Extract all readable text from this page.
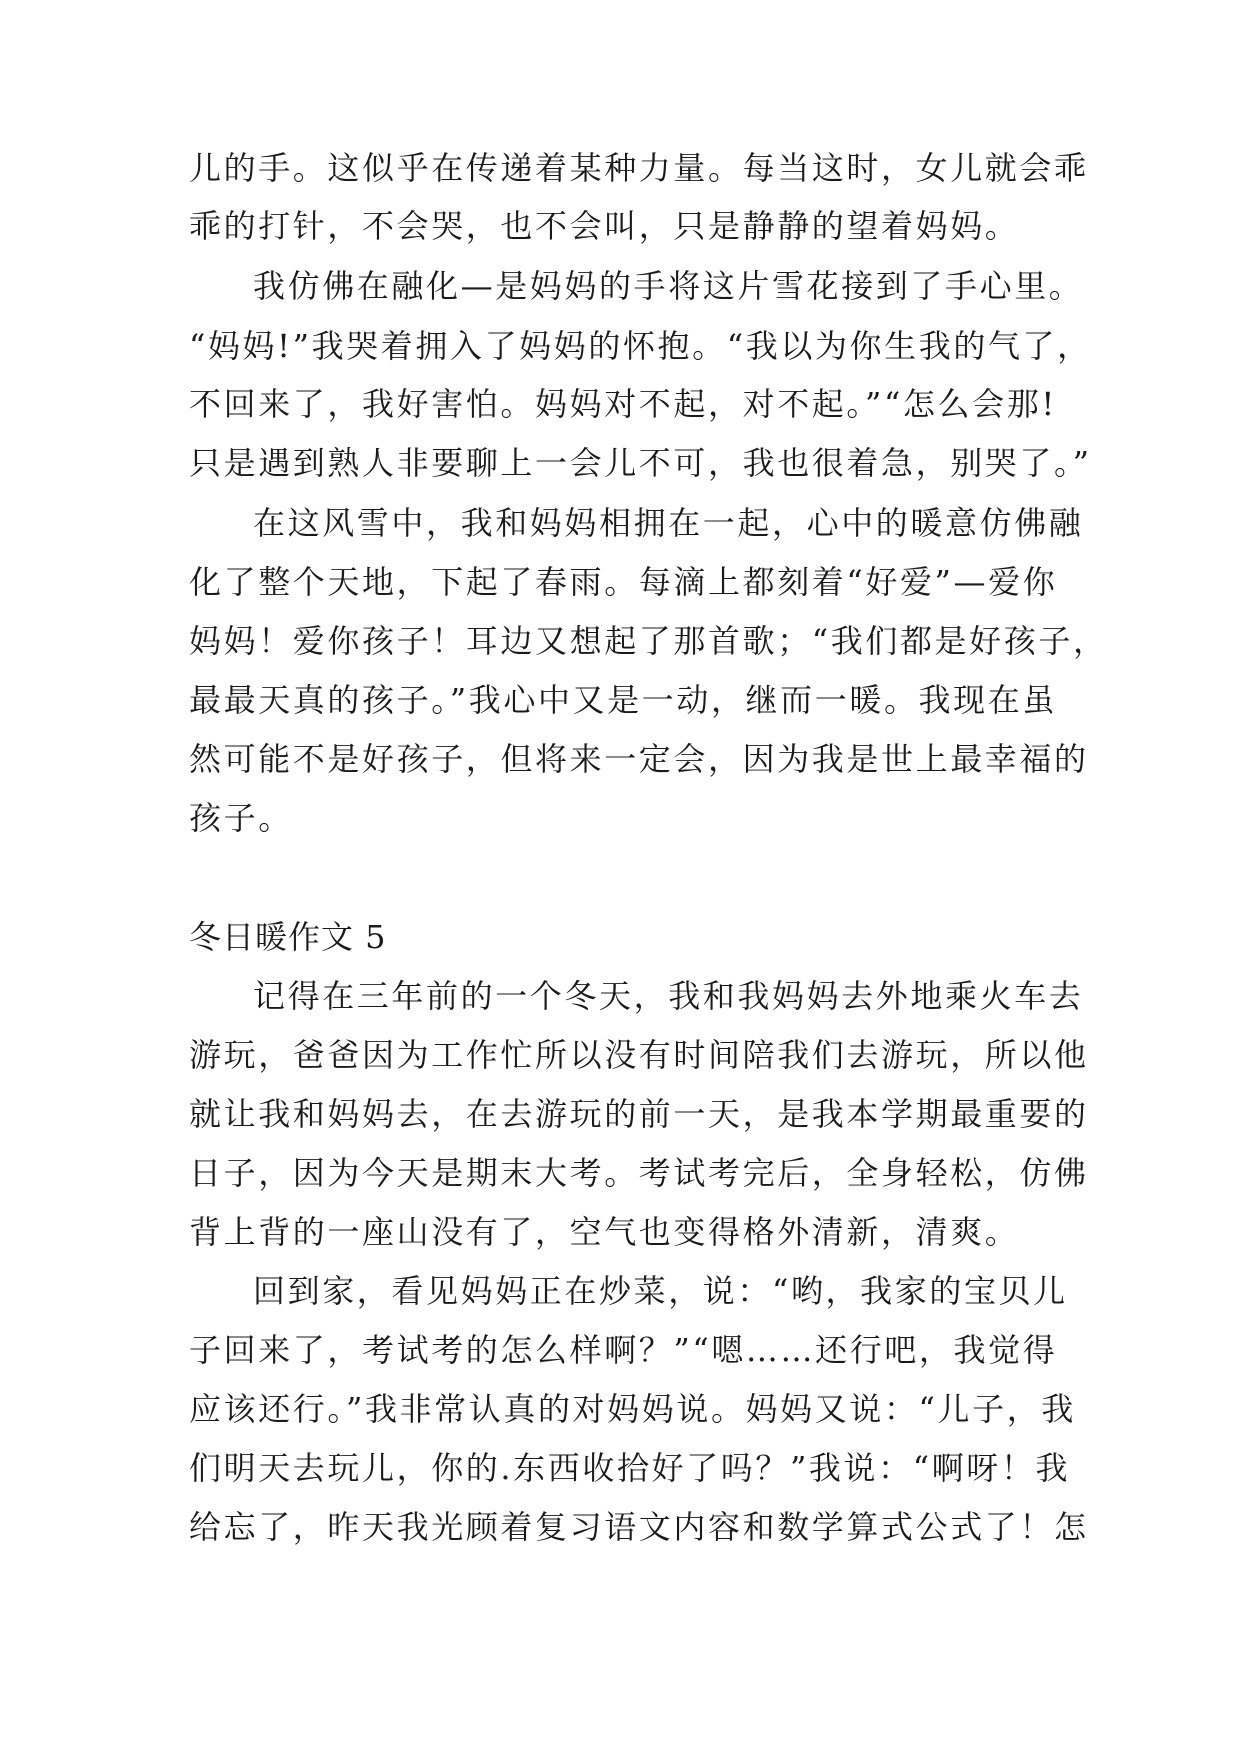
儿的手。这似乎在传递着某种力量。每当这时，女儿就会乖
乖的打针，不会哭，也不会叫，只是静静的望着妈妈。
我仿佛在融化—是妈妈的手将这片雪花接到了手心里。
“妈妈!”我哭着拥入了妈妈的怀抱。“我以为你生我的气了，
不回来了，我好害怕。妈妈对不起，对不起。”“怎么会那!
只是遇到熟人非要聊上一会儿不可，我也很着急，别哭了。”
在这风雪中，我和妈妈相拥在一起，心中的暖意仿佛融
化了整个天地，下起了春雨。每滴上都刻着“好爱”—爱你
妈妈！爱你孩子！耳边又想起了那首歌；“我们都是好孩子，
最最天真的孩子。”我心中又是一动，继而一暖。我现在虽
然可能不是好孩子，但将来一定会，因为我是世上最幸福的
孩子。
冬日暖作文 5
记得在三年前的一个冬天，我和我妈妈去外地乘火车去
游玩，爸爸因为工作忙所以没有时间陪我们去游玩，所以他
就让我和妈妈去，在去游玩的前一天，是我本学期最重要的
日子，因为今天是期末大考。考试考完后，全身轻松，仿佛
背上背的一座山没有了，空气也变得格外清新，清爽。
回到家，看见妈妈正在炒菜，说：“哟，我家的宝贝儿
子回来了，考试考的怎么样啊？”“嗯……还行吧，我觉得
应该还行。”我非常认真的对妈妈说。妈妈又说：“儿子，我
们明天去玩儿，你的.东西收拾好了吗？”我说：“啊呀！我
给忘了，昨天我光顾着复习语文内容和数学算式公式了！怎
